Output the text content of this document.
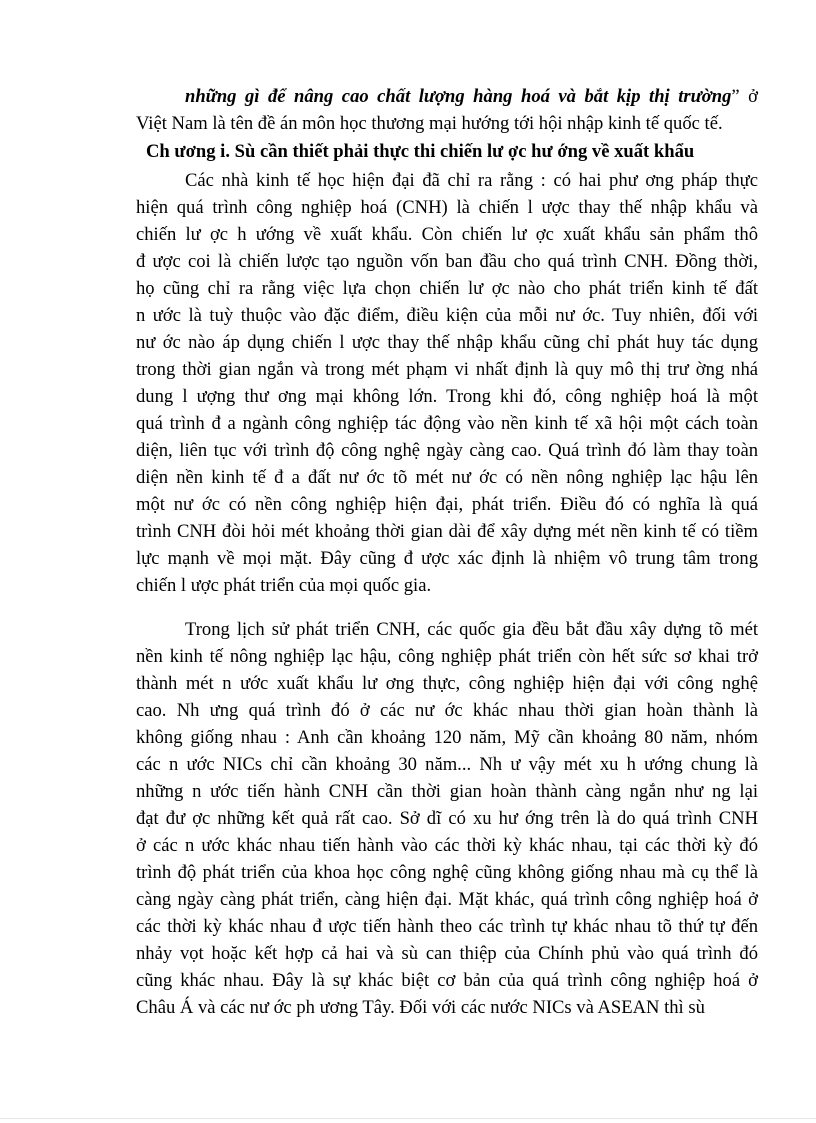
những gì để nâng cao chất lượng hàng hoá và bắt kịp thị trường” ở
Việt Nam là tên đề án môn học thương mại hướng tới hội nhập kinh tế quốc tế.
Ch ương i. Sù cần thiết phải thực thi chiến lư ợc hư ớng về xuất khẩu
Các nhà kinh tế học hiện đại đã chỉ ra rằng : có hai phư ơng pháp thực
hiện quá trình công nghiệp hoá (CNH) là chiến l ược thay thế nhập khẩu và
chiến lư ợc h ướng về xuất khẩu. Còn chiến lư ợc xuất khẩu sản phẩm thô
đ ược coi là chiến lược tạo nguồn vốn ban đầu cho quá trình CNH. Đồng thời,
họ cũng chỉ ra rằng việc lựa chọn chiến lư ợc nào cho phát triển kinh tế đất
n ước là tuỳ thuộc vào đặc điểm, điều kiện của mỗi nư ớc. Tuy nhiên, đối với
nư ớc nào áp dụng chiến l ược thay thế nhập khẩu cũng chỉ phát huy tác dụng
trong thời gian ngắn và trong mét phạm vi nhất định là quy mô thị trư ờng nhá
dung l ượng thư ơng mại không lớn. Trong khi đó, công nghiệp hoá là một
quá trình đ a ngành công nghiệp tác động vào nền kinh tế xã hội một cách toàn
diện, liên tục với trình độ công nghệ ngày càng cao. Quá trình đó làm thay toàn
diện nền kinh tế đ a đất nư ớc tõ mét nư ớc có nền nông nghiệp lạc hậu lên
một nư ớc có nền công nghiệp hiện đại, phát triển. Điều đó có nghĩa là quá
trình CNH đòi hỏi mét khoảng thời gian dài để xây dựng mét nền kinh tế có tiềm
lực mạnh về mọi mặt. Đây cũng đ ược xác định là nhiệm vô trung tâm trong
chiến l ược phát triển của mọi quốc gia.
Trong lịch sử phát triển CNH, các quốc gia đều bắt đầu xây dựng tõ mét
nền kinh tế nông nghiệp lạc hậu, công nghiệp phát triển còn hết sức sơ khai trở
thành mét n ước xuất khẩu lư ơng thực, công nghiệp hiện đại với công nghệ
cao. Nh ưng quá trình đó ở các nư ớc khác nhau thời gian hoàn thành là
không giống nhau : Anh cần khoảng 120 năm, Mỹ cần khoảng 80 năm, nhóm
các n ước NICs chỉ cần khoảng 30 năm... Nh ư vậy mét xu h ướng chung là
những n ước tiến hành CNH cần thời gian hoàn thành càng ngắn như ng lại
đạt đư ợc những kết quả rất cao. Sở dĩ có xu hư ớng trên là do quá trình CNH
ở các n ước khác nhau tiến hành vào các thời kỳ khác nhau, tại các thời kỳ đó
trình độ phát triển của khoa học công nghệ cũng không giống nhau mà cụ thể là
càng ngày càng phát triển, càng hiện đại. Mặt khác, quá trình công nghiệp hoá ở
các thời kỳ khác nhau đ ược tiến hành theo các trình tự khác nhau tõ thứ tự đến
nhảy vọt hoặc kết hợp cả hai và sù can thiệp của Chính phủ vào quá trình đó
cũng khác nhau. Đây là sự khác biệt cơ bản của quá trình công nghiệp hoá ở
Châu Á và các nư ớc ph ương Tây. Đối với các nước NICs và ASEAN thì sù
